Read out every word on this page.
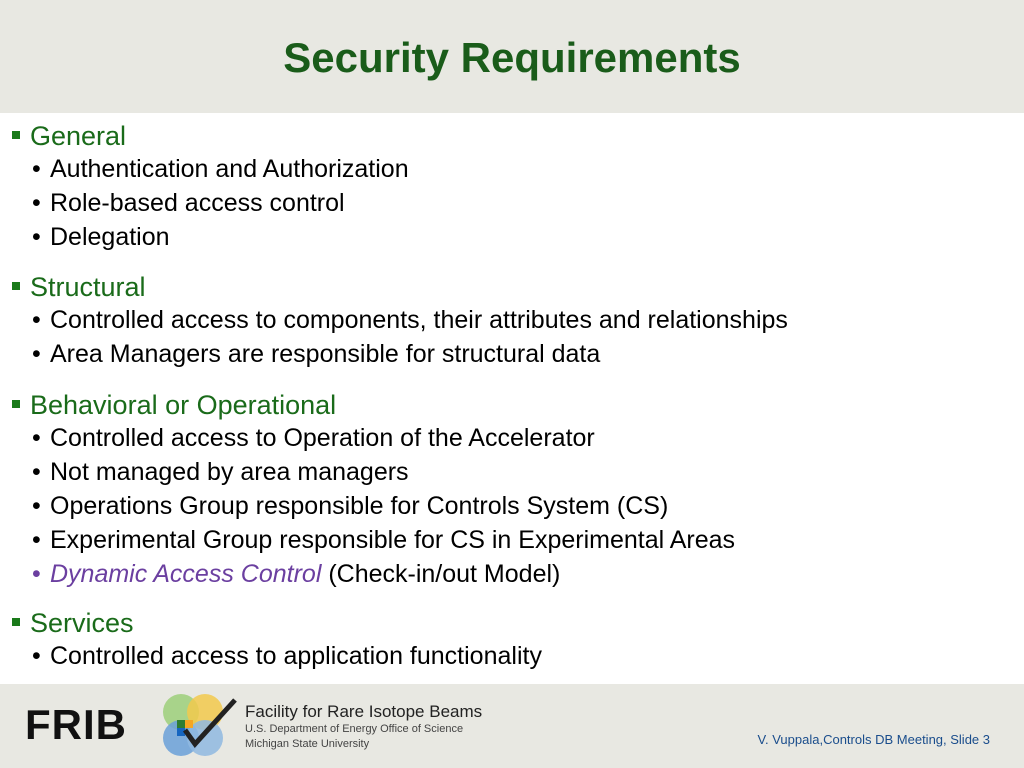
Security Requirements
General
• Authentication and Authorization
• Role-based access control
• Delegation
Structural
• Controlled access to components, their attributes and relationships
• Area Managers are responsible for structural data
Behavioral or Operational
• Controlled access to Operation of the Accelerator
• Not managed by area managers
• Operations Group responsible for Controls System (CS)
• Experimental Group responsible for CS in Experimental Areas
• Dynamic Access Control (Check-in/out Model)
Services
• Controlled access to application functionality
FRIB	Facility for Rare Isotope Beams
U.S. Department of Energy Office of Science
Michigan State University	V. Vuppala,Controls DB Meeting, Slide 3
